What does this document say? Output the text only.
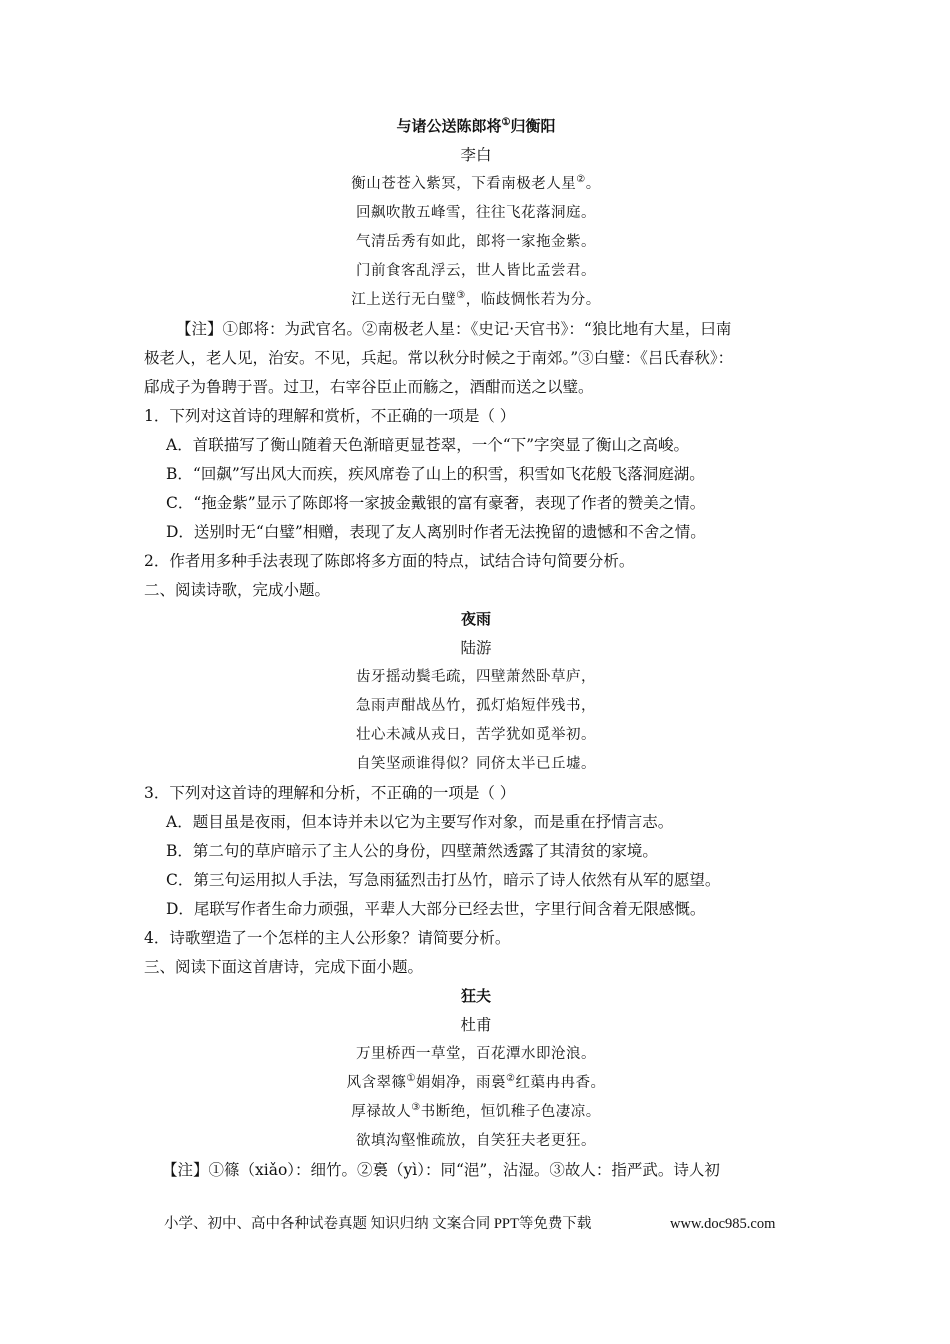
与诸公送陈郎将①归衡阳
李白
衡山苍苍入紫冥，下看南极老人星②。
回飙吹散五峰雪，往往飞花落洞庭。
气清岳秀有如此，郎将一家拖金紫。
门前食客乱浮云，世人皆比孟尝君。
江上送行无白璧③，临歧惆怅若为分。
【注】①郎将：为武官名。②南极老人星：《史记·天官书》：“狼比地有大星，曰南
极老人，老人见，治安。不见，兵起。常以秋分时候之于南郊。”③白璧：《吕氏春秋》：
郈成子为鲁聘于晋。过卫，右宰谷臣止而觞之，酒酣而送之以璧。
1．下列对这首诗的理解和赏析，不正确的一项是（ ）
A．首联描写了衡山随着天色渐暗更显苍翠，一个“下”字突显了衡山之高峻。
B．“回飙”写出风大而疾，疾风席卷了山上的积雪，积雪如飞花般飞落洞庭湖。
C．“拖金紫”显示了陈郎将一家披金戴银的富有豪奢，表现了作者的赞美之情。
D．送别时无“白璧”相赠，表现了友人离别时作者无法挽留的遗憾和不舍之情。
2．作者用多种手法表现了陈郎将多方面的特点，试结合诗句简要分析。
二、阅读诗歌，完成小题。
夜雨
陆游
齿牙摇动鬓毛疏，四壁萧然卧草庐，
急雨声酣战丛竹，孤灯焰短伴残书，
壮心未减从戎日，苦学犹如觅举初。
自笑坚顽谁得似？同侪太半已丘墟。
3．下列对这首诗的理解和分析，不正确的一项是（ ）
A．题目虽是夜雨，但本诗并未以它为主要写作对象，而是重在抒情言志。
B．第二句的草庐暗示了主人公的身份，四壁萧然透露了其清贫的家境。
C．第三句运用拟人手法，写急雨猛烈击打丛竹，暗示了诗人依然有从军的愿望。
D．尾联写作者生命力顽强，平辈人大部分已经去世，字里行间含着无限感慨。
4．诗歌塑造了一个怎样的主人公形象？请简要分析。
三、阅读下面这首唐诗，完成下面小题。
狂夫
杜甫
万里桥西一草堂，百花潭水即沧浪。
风含翠篠①娟娟净，雨裛②红蕖冉冉香。
厚禄故人③书断绝，恒饥稚子色凄凉。
欲填沟壑惟疏放，自笑狂夫老更狂。
【注】①篠（xiǎo）：细竹。②裛（yì）：同“浥”，沾湿。③故人：指严武。诗人初
小学、初中、高中各种试卷真题 知识归纳 文案合同 PPT等免费下载	www.doc985.com
